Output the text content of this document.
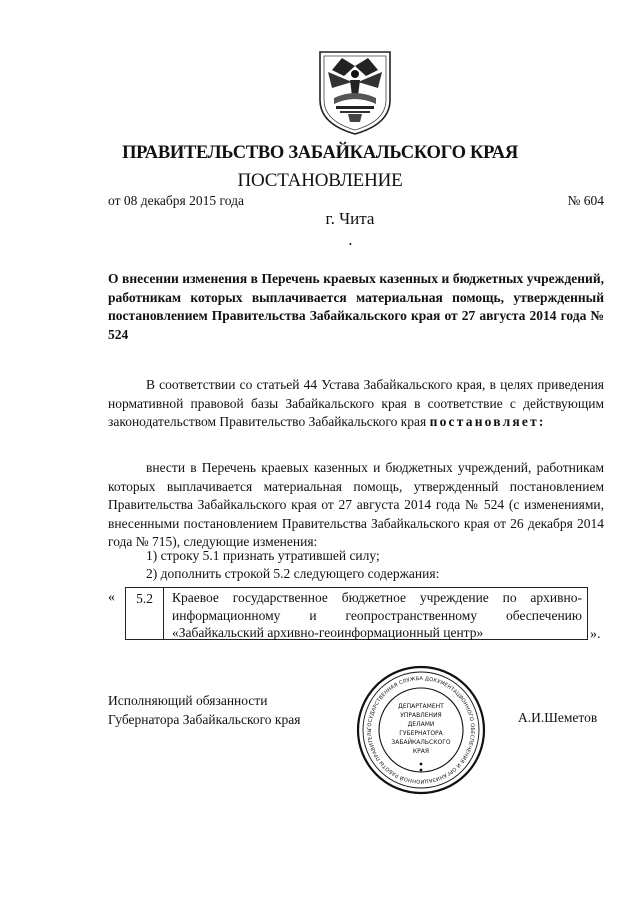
ПРАВИТЕЛЬСТВО ЗАБАЙКАЛЬСКОГО КРАЯ
ПОСТАНОВЛЕНИЕ
от 08 декабря 2015 года	№ 604
г. Чита
•
О внесении изменения в Перечень краевых казенных и бюджетных учреждений, работникам которых выплачивается материальная помощь, утвержденный постановлением Правительства Забайкальского края от 27 августа 2014 года № 524
В соответствии со статьей 44 Устава Забайкальского края, в целях приведения нормативной правовой базы Забайкальского края в соответствие с действующим законодательством Правительство Забайкальского края постановляет:
внести в Перечень краевых казенных и бюджетных учреждений, работникам которых выплачивается материальная помощь, утвержденный постановлением Правительства Забайкальского края от 27 августа 2014 года № 524 (с изменениями, внесенными постановлением Правительства Забайкальского края от 26 декабря 2014 года № 715), следующие изменения:
1) строку 5.1 признать утратившей силу;
2) дополнить строкой 5.2 следующего содержания:
«	5.2	Краевое государственное бюджетное учреждение по архивно-информационному и геопространственному обеспечению «Забайкальский архивно-геоинформационный центр»	».
Исполняющий обязанности
Губернатора Забайкальского края	А.И.Шеметов
ГОСУДАРСТВЕННАЯ СЛУЖБА ДОКУМЕНТАЦИОННОГО ОБЕСПЕЧЕНИЯ И ОРГАНИЗАЦИОННОЙ РАБОТЫ ПРАВИТЕЛЬ
ДЕПАРТАМЕНТ
УПРАВЛЕНИЯ
ДЕЛАМИ
ГУБЕРНАТОРА
ЗАБАЙКАЛЬСКОГО
КРАЯ
